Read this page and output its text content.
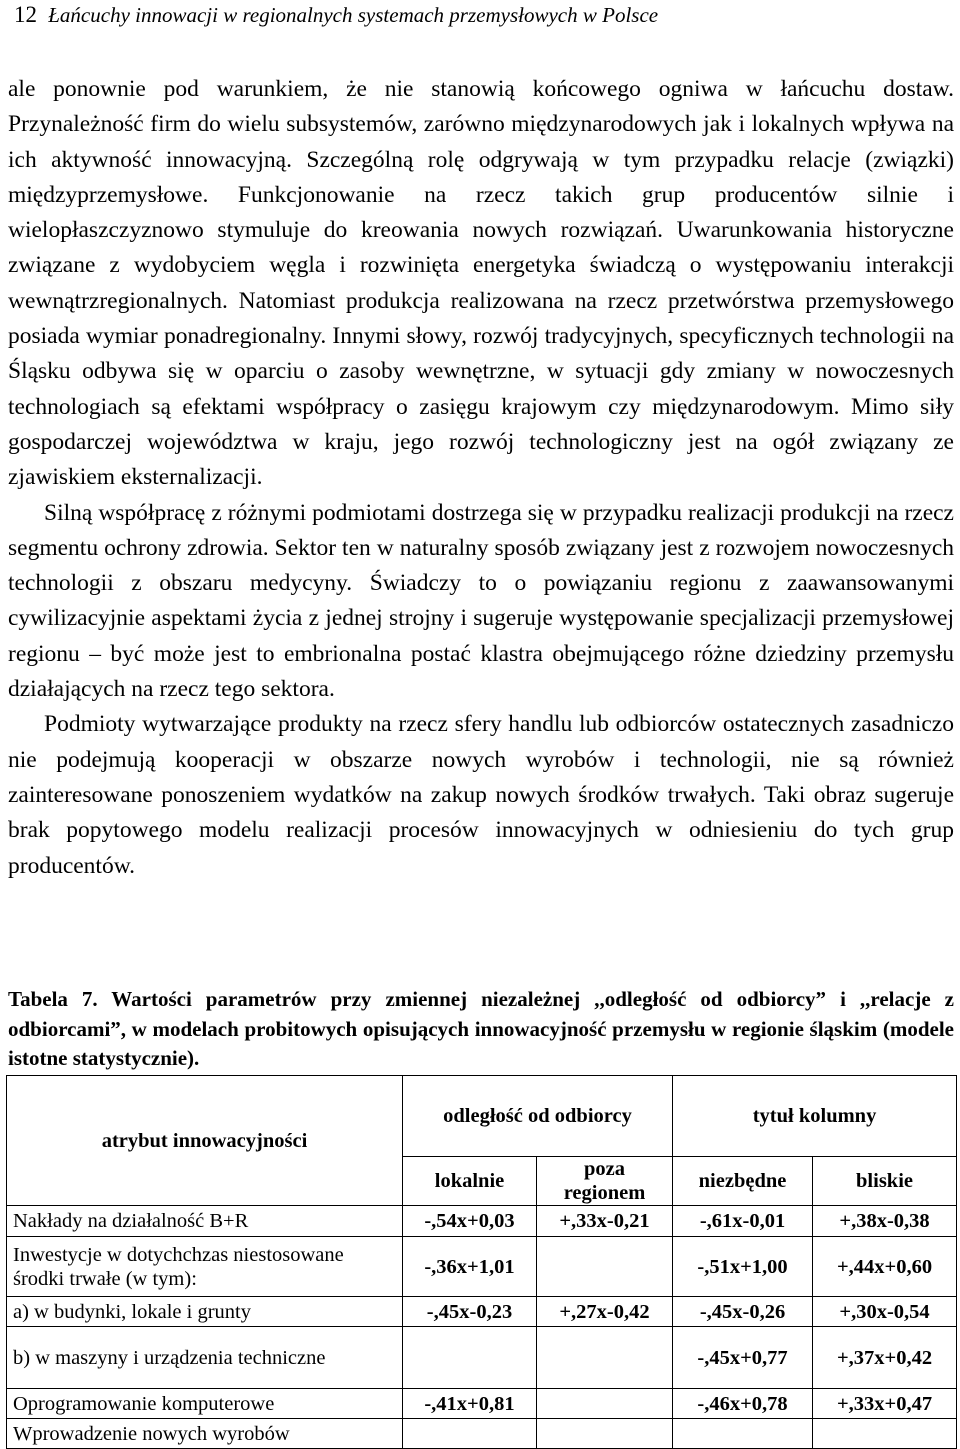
12 Łańcuchy innowacji w regionalnych systemach przemysłowych w Polsce

ale ponownie pod warunkiem, że nie stanowią końcowego ogniwa w łańcuchu dostaw. Przynależność firm do wielu subsystemów, zarówno międzynarodowych jak i lokalnych wpływa na ich aktywność innowacyjną. Szczególną rolę odgrywają w tym przypadku relacje (związki) międzyprzemysłowe. Funkcjonowanie na rzecz takich grup producentów silnie i wielopłaszczyznowo stymuluje do kreowania nowych rozwiązań. Uwarunkowania historyczne związane z wydobyciem węgla i rozwinięta energetyka świadczą o występowaniu interakcji wewnątrzregionalnych. Natomiast produkcja realizowana na rzecz przetwórstwa przemysłowego posiada wymiar ponadregionalny. Innymi słowy, rozwój tradycyjnych, specyficznych technologii na Śląsku odbywa się w oparciu o zasoby wewnętrzne, w sytuacji gdy zmiany w nowoczesnych technologiach są efektami współpracy o zasięgu krajowym czy międzynarodowym. Mimo siły gospodarczej województwa w kraju, jego rozwój technologiczny jest na ogół związany ze zjawiskiem eksternalizacji.

Silną współpracę z różnymi podmiotami dostrzega się w przypadku realizacji produkcji na rzecz segmentu ochrony zdrowia. Sektor ten w naturalny sposób związany jest z rozwojem nowoczesnych technologii z obszaru medycyny. Świadczy to o powiązaniu regionu z zaawansowanymi cywilizacyjnie aspektami życia z jednej strojny i sugeruje występowanie specjalizacji przemysłowej regionu – być może jest to embrionalna postać klastra obejmującego różne dziedziny przemysłu działających na rzecz tego sektora.

Podmioty wytwarzające produkty na rzecz sfery handlu lub odbiorców ostatecznych zasadniczo nie podejmują kooperacji w obszarze nowych wyrobów i technologii, nie są również zainteresowane ponoszeniem wydatków na zakup nowych środków trwałych. Taki obraz sugeruje brak popytowego modelu realizacji procesów innowacyjnych w odniesieniu do tych grup producentów.

Tabela 7. Wartości parametrów przy zmiennej niezależnej ,,odległość od odbiorcy” i ,,relacje z odbiorcami”, w modelach probitowych opisujących innowacyjność przemysłu w regionie śląskim (modele istotne statystycznie).
atrybut innowacyjności	odległość od odbiorcy		tytuł kolumny	
	lokalnie	poza regionem	niezbędne	bliskie
Nakłady na działalność B+R	-,54x+0,03	+,33x-0,21	-,61x-0,01	+,38x-0,38
Inwestycje w dotychchzas niestosowane środki trwałe (w tym):	-,36x+1,01		-,51x+1,00	+,44x+0,60
a) w budynki, lokale i grunty	-,45x-0,23	+,27x-0,42	-,45x-0,26	+,30x-0,54
b) w maszyny i urządzenia techniczne			-,45x+0,77	+,37x+0,42
Oprogramowanie komputerowe	-,41x+0,81		-,46x+0,78	+,33x+0,47
Wprowadzenie nowych wyrobów				
